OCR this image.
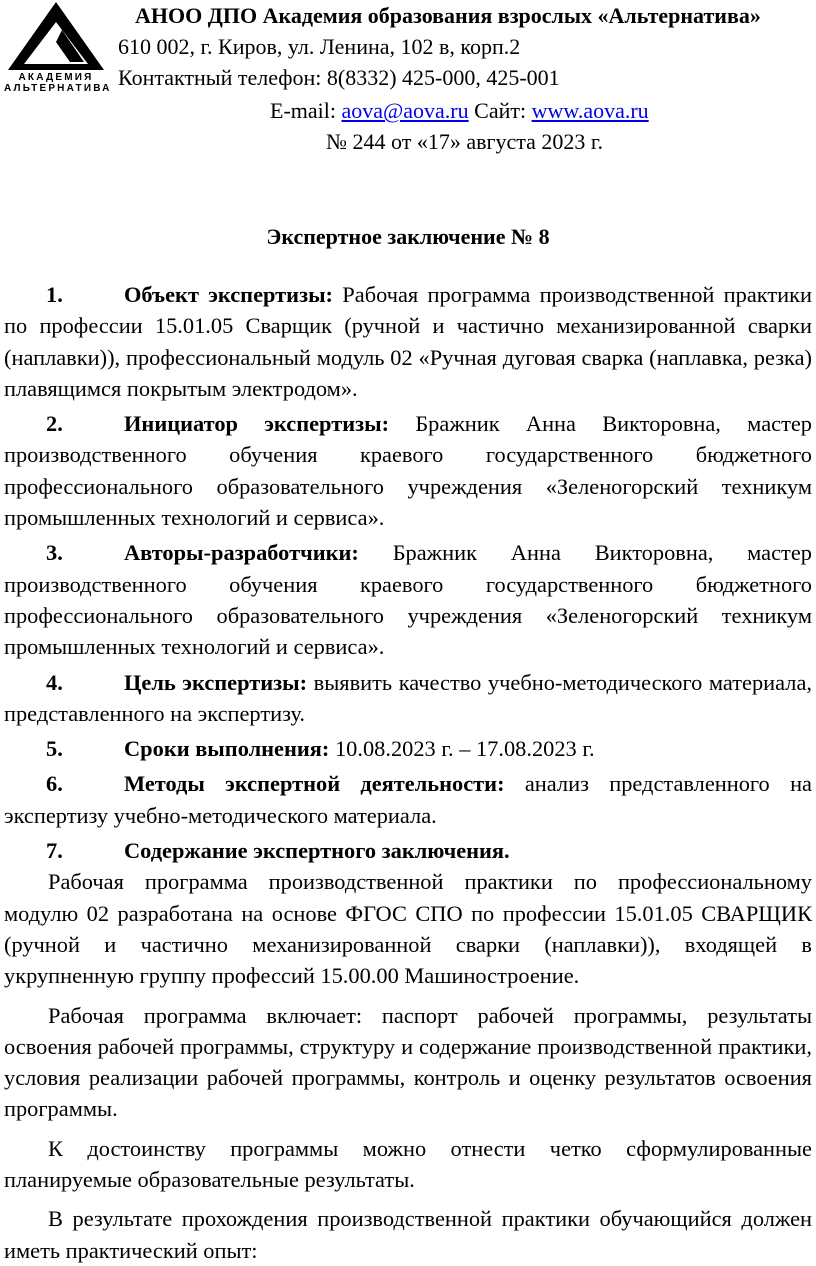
АКАДЕМИЯ
АЛЬТЕРНАТИВА
АНОО ДПО Академия образования взрослых «Альтернатива»
610 002, г. Киров, ул. Ленина, 102 в, корп.2
Контактный телефон: 8(8332) 425-000, 425-001
E-mail: aova@aova.ru Сайт: www.aova.ru
№ 244 от «17» августа 2023 г.
Экспертное заключение № 8

1.	Объект экспертизы: Рабочая программа производственной практики по профессии 15.01.05 Сварщик (ручной и частично механизированной сварки (наплавки)), профессиональный модуль 02 «Ручная дуговая сварка (наплавка, резка) плавящимся покрытым электродом».

2.	Инициатор экспертизы: Бражник Анна Викторовна, мастер производственного обучения краевого государственного бюджетного профессионального образовательного учреждения «Зеленогорский техникум промышленных технологий и сервиса».

3.	Авторы-разработчики: Бражник Анна Викторовна, мастер производственного обучения краевого государственного бюджетного профессионального образовательного учреждения «Зеленогорский техникум промышленных технологий и сервиса».

4.	Цель экспертизы: выявить качество учебно-методического материала, представленного на экспертизу.

5.	Сроки выполнения: 10.08.2023 г. – 17.08.2023 г.

6.	Методы экспертной деятельности: анализ представленного на экспертизу учебно-методического материала.

7.	Содержание экспертного заключения.

Рабочая программа производственной практики по профессиональному модулю 02 разработана на основе ФГОС СПО по профессии 15.01.05 СВАРЩИК (ручной и частично механизированной сварки (наплавки)), входящей в укрупненную группу профессий 15.00.00 Машиностроение.

Рабочая программа включает: паспорт рабочей программы, результаты освоения рабочей программы, структуру и содержание производственной практики, условия реализации рабочей программы, контроль и оценку результатов освоения программы.

К достоинству программы можно отнести четко сформулированные планируемые образовательные результаты.

В результате прохождения производственной практики обучающийся должен иметь практический опыт:
